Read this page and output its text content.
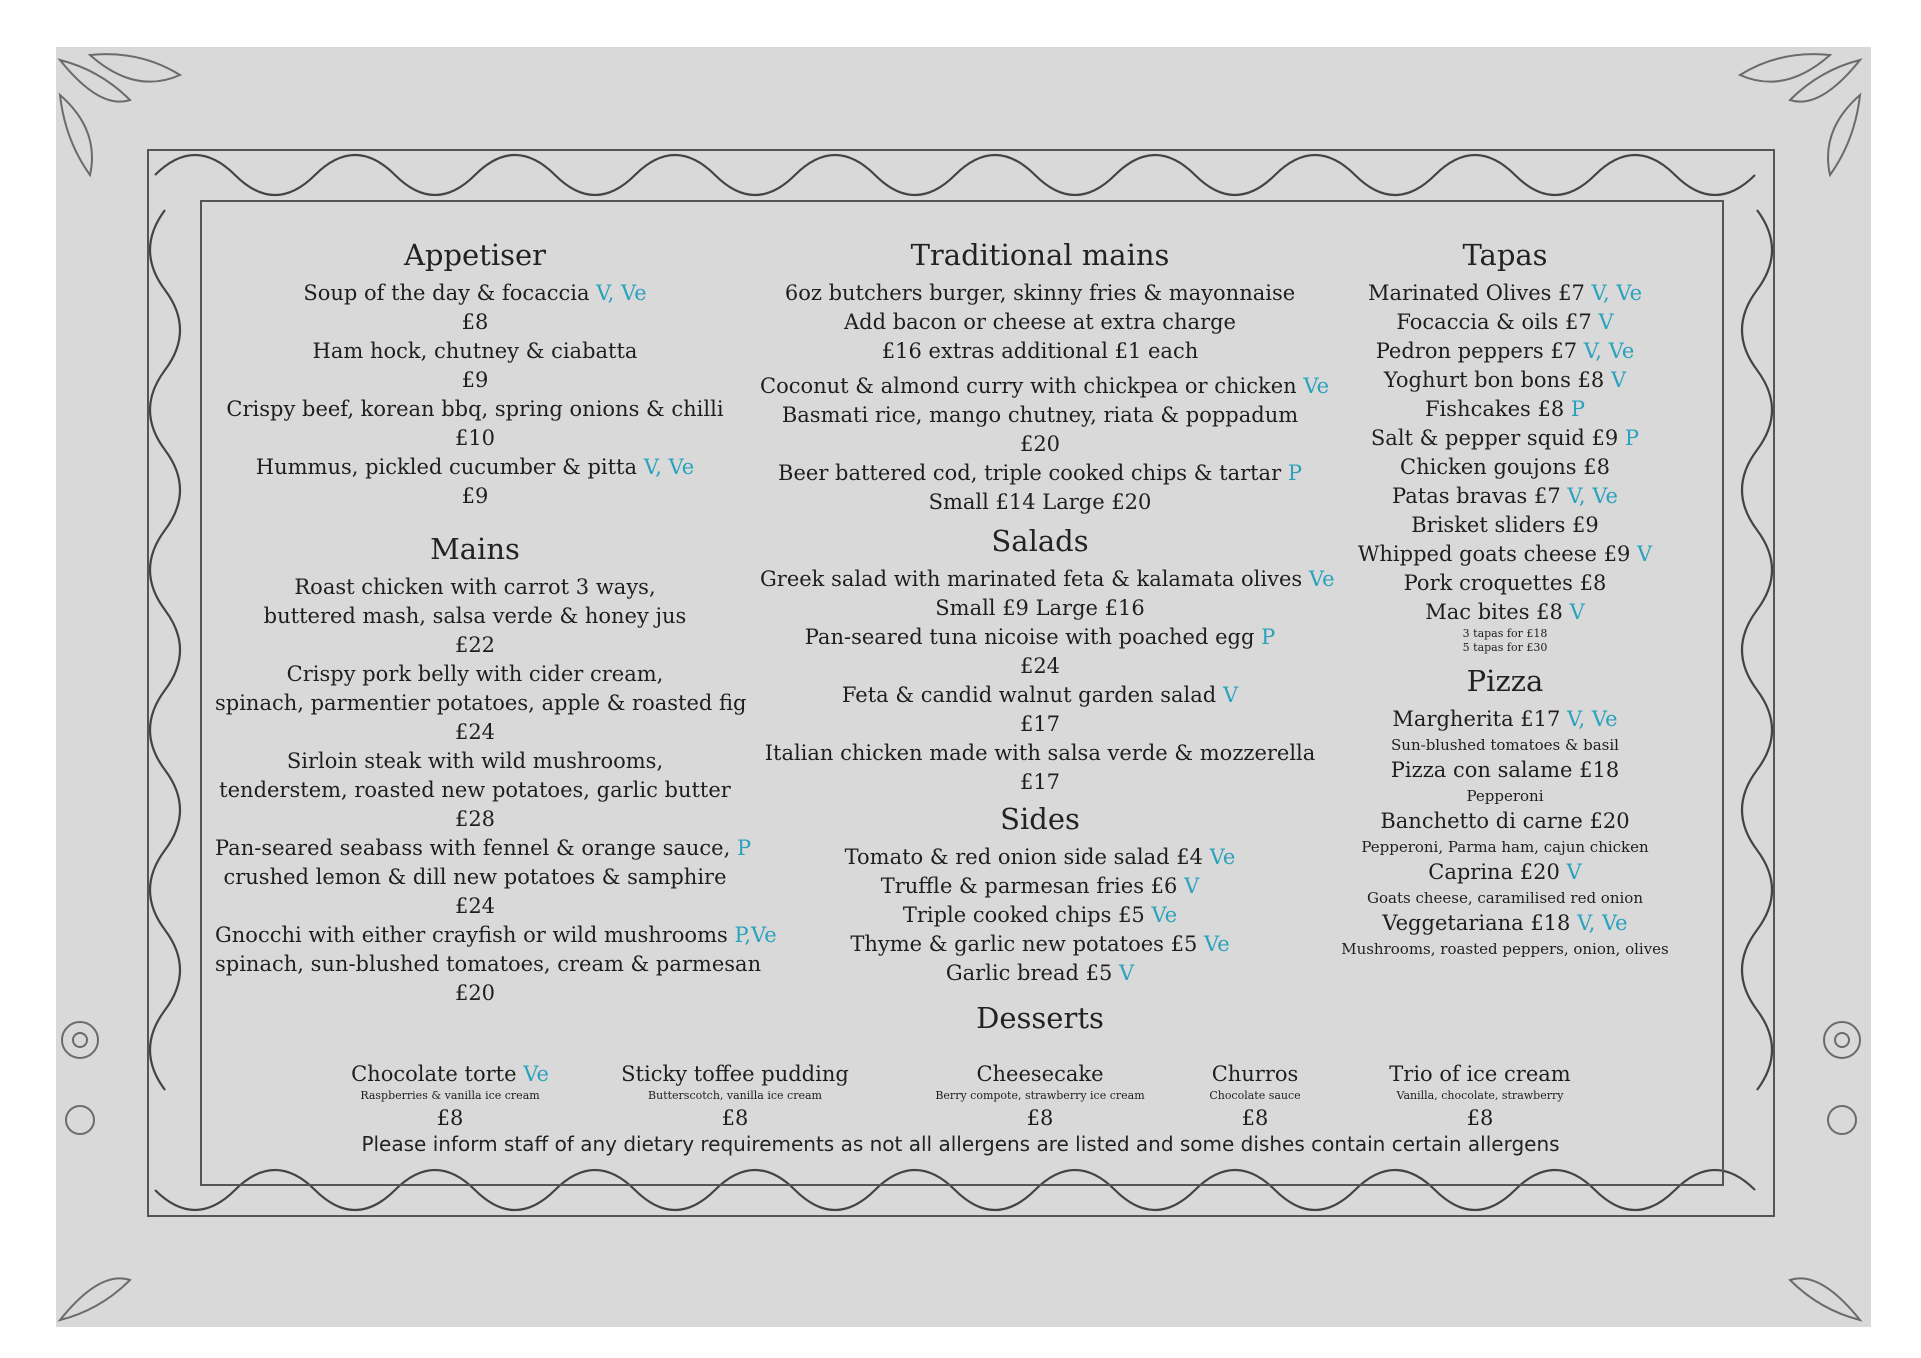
Appetiser
Soup of the day & focaccia V, Ve
£8
Ham hock, chutney & ciabatta
£9
Crispy beef, korean bbq, spring onions & chilli
£10
Hummus, pickled cucumber & pitta V, Ve
£9
Mains
Roast chicken with carrot 3 ways,
buttered mash, salsa verde & honey jus
£22
Crispy pork belly with cider cream,
spinach, parmentier potatoes, apple & roasted fig
£24
Sirloin steak with wild mushrooms,
tenderstem, roasted new potatoes, garlic butter
£28
Pan-seared seabass with fennel & orange sauce, P
crushed lemon & dill new potatoes & samphire
£24
Gnocchi with either crayfish or wild mushrooms P,Ve
spinach, sun-blushed tomatoes, cream & parmesan
£20
Traditional mains
6oz butchers burger, skinny fries & mayonnaise
Add bacon or cheese at extra charge
£16 extras additional £1 each
Coconut & almond curry with chickpea or chicken Ve
Basmati rice, mango chutney, riata & poppadum
£20
Beer battered cod, triple cooked chips & tartar P
Small £14 Large £20
Salads
Greek salad with marinated feta & kalamata olives Ve
Small £9 Large £16
Pan-seared tuna nicoise with poached egg P
£24
Feta & candid walnut garden salad V
£17
Italian chicken made with salsa verde & mozzerella
£17
Sides
Tomato & red onion side salad £4 Ve
Truffle & parmesan fries £6 V
Triple cooked chips £5 Ve
Thyme & garlic new potatoes £5 Ve
Garlic bread £5 V
Desserts
Tapas
Marinated Olives £7 V, Ve
Focaccia & oils £7 V
Pedron peppers £7 V, Ve
Yoghurt bon bons £8 V
Fishcakes £8 P
Salt & pepper squid £9 P
Chicken goujons £8
Patas bravas £7 V, Ve
Brisket sliders £9
Whipped goats cheese £9 V
Pork croquettes £8
Mac bites £8 V
3 tapas for £18
5 tapas for £30
Pizza
Margherita £17 V, Ve
Sun-blushed tomatoes & basil
Pizza con salame £18
Pepperoni
Banchetto di carne £20
Pepperoni, Parma ham, cajun chicken
Caprina £20 V
Goats cheese, caramilised red onion
Veggetariana £18 V, Ve
Mushrooms, roasted peppers, onion, olives
Chocolate torte Ve
Raspberries & vanilla ice cream
£8
Sticky toffee pudding
Butterscotch, vanilla ice cream
£8
Cheesecake
Berry compote, strawberry ice cream
£8
Churros
Chocolate sauce
£8
Trio of ice cream
Vanilla, chocolate, strawberry
£8
Please inform staff of any dietary requirements as not all allergens are listed and some dishes contain certain allergens
